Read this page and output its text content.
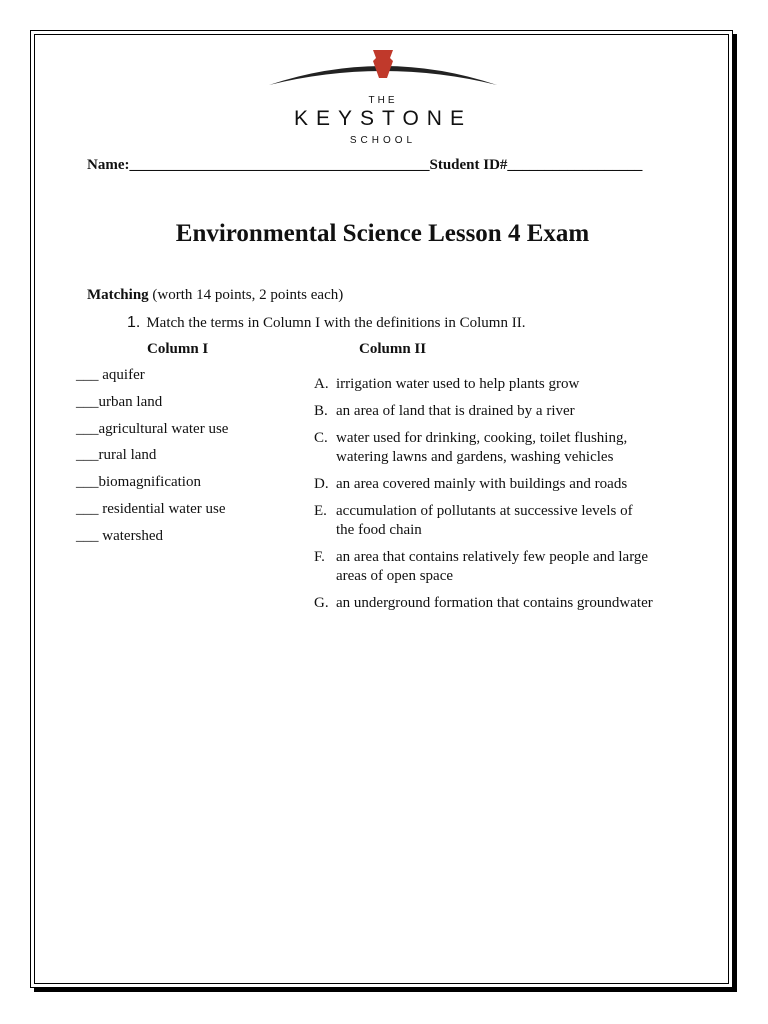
THE
KEYSTONE
SCHOOL
Name:________________________________________Student ID#__________________
Environmental Science Lesson 4 Exam
Matching (worth 14 points, 2 points each)
1. Match the terms in Column I with the definitions in Column II.
Column I	Column II
___ aquifer
___urban land
___agricultural water use
___rural land
___biomagnification
___ residential water use
___ watershed
A. irrigation water used to help plants grow
B. an area of land that is drained by a river
C. water used for drinking, cooking, toilet flushing, watering lawns and gardens, washing vehicles
D. an area covered mainly with buildings and roads
E. accumulation of pollutants at successive levels of the food chain
F. an area that contains relatively few people and large areas of open space
G. an underground formation that contains groundwater
